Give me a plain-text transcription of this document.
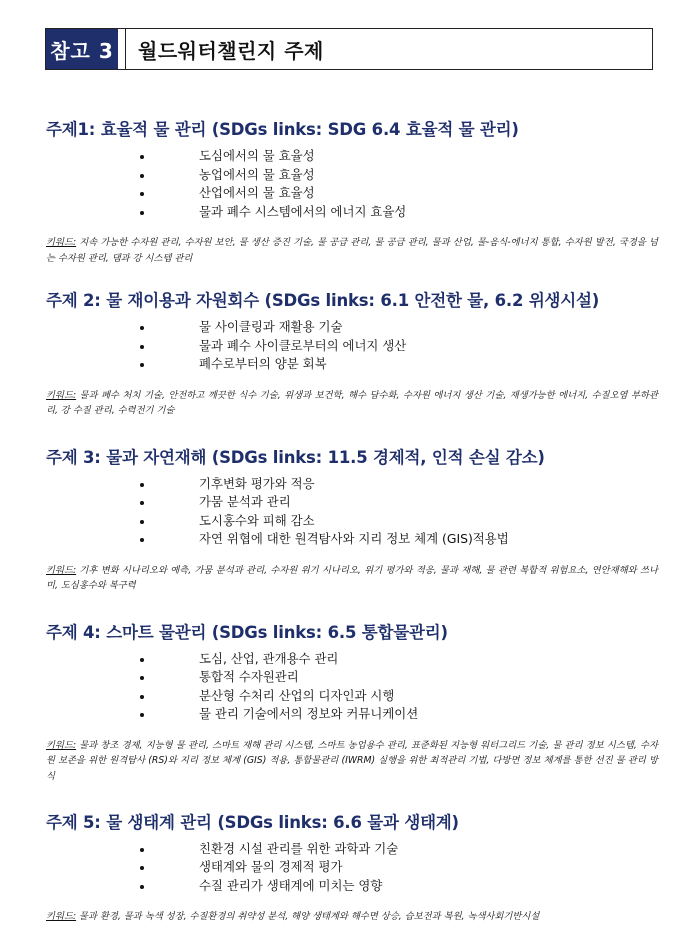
참고 3	월드워터챌린지 주제
주제1: 효율적 물 관리 (SDGs links: SDG 6.4 효율적 물 관리)
도심에서의 물 효율성
농업에서의 물 효율성
산업에서의 물 효율성
물과 폐수 시스템에서의 에너지 효율성
키워드: 지속 가능한 수자원 관리, 수자원 보안, 물 생산 증진 기술, 물 공급 관리, 물 공급 관리, 물과 산업, 물-음식-에너지 통합, 수자원 발전, 국경을 넘는 수자원 관리, 댐과 강 시스템 관리
주제 2: 물 재이용과 자원회수 (SDGs links: 6.1 안전한 물, 6.2 위생시설)
물 사이클링과 재활용 기술
물과 폐수 사이클로부터의 에너지 생산
폐수로부터의 양분 회복
키워드: 물과 폐수 처치 기술, 안전하고 깨끗한 식수 기술, 위생과 보건학, 해수 담수화, 수자원 에너지 생산 기술, 재생가능한 에너지, 수질오염 부하관리, 강 수질 관리, 수력전기 기술
주제 3: 물과 자연재해 (SDGs links: 11.5 경제적, 인적 손실 감소)
기후변화 평가와 적응
가뭄 분석과 관리
도시홍수와 피해 감소
자연 위협에 대한 원격탐사와 지리 정보 체계 (GIS)적용법
키워드: 기후 변화 시나리오와 예측, 가뭄 분석과 관리, 수자원 위기 시나리오, 위기 평가와 적응, 물과 재해, 물 관련 복합적 위험요소, 연안재해와 쓰나미, 도심홍수와 복구력
주제 4: 스마트 물관리 (SDGs links: 6.5 통합물관리)
도심, 산업, 관개용수 관리
통합적 수자원관리
분산형 수처리 산업의 디자인과 시행
물 관리 기술에서의 정보와 커뮤니케이션
키워드: 물과 창조 경제, 지능형 물 관리, 스마트 재해 관리 시스템, 스마트 농업용수 관리, 표준화된 지능형 워터그리드 기술, 물 관리 정보 시스템, 수자원 보존을 위한 원격탐사 (RS)와 지리 정보 체계 (GIS) 적용, 통합물관리 (IWRM) 실행을 위한 최적관리 기법, 다방면 정보 체계를 통한 선진 물 관리 방식
주제 5: 물 생태계 관리 (SDGs links: 6.6 물과 생태계)
친환경 시설 관리를 위한 과학과 기술
생태계와 물의 경제적 평가
수질 관리가 생태계에 미치는 영향
키워드: 물과 환경, 물과 녹색 성장, 수질환경의 취약성 분석, 해양 생태계와 해수면 상승, 습보전과 복원, 녹색사회기반시설
